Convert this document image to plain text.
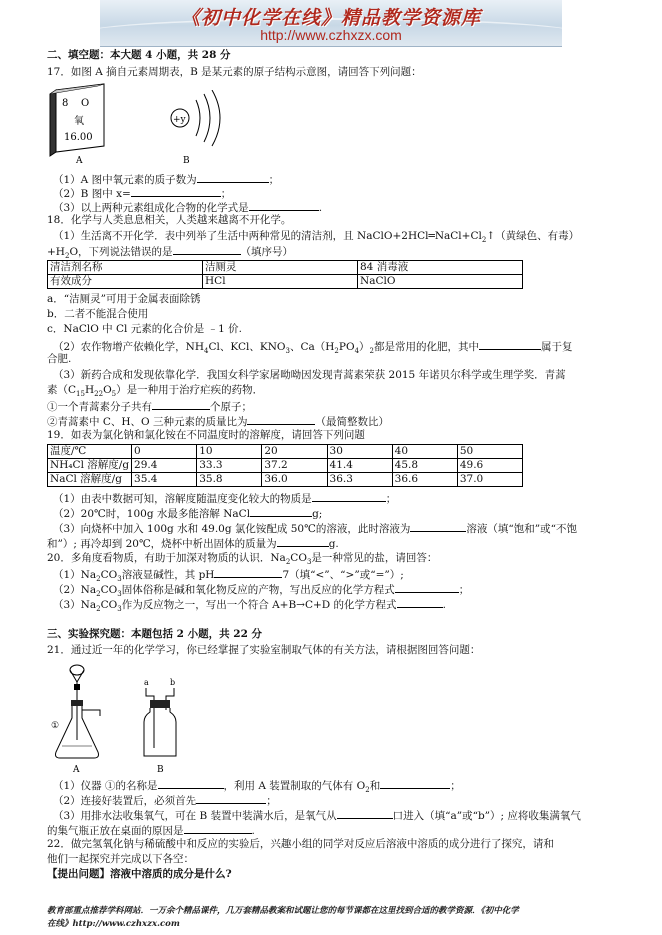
《初中化学在线》精品教学资源库
http://www.czhxzx.com
二、填空题：本大题 4 小题，共 28 分
17．如图 A 摘自元素周期表，B 是某元素的原子结构示意图，请回答下列问题：
8 O
氧
16.00
A
+y
B
（1）A 图中氧元素的质子数为	；
（2）B 图中 x=	；
（3）以上两种元素组成化合物的化学式是	.
18．化学与人类息息相关，人类越来越离不开化学。
（1）生活离不开化学．表中列举了生活中两种常见的清洁剂，且 $NaClO+2HCl═NaCl+Cl_2↑$（黄绿色、有毒）
$+H_2O$，下列说法错误的是	（填序号）
清洁剂名称	洁厕灵	84 消毒液
有效成分	HCl	NaClO
a．“洁厕灵”可用于金属表面除锈
b．二者不能混合使用
c．NaClO 中 Cl 元素的化合价是 ﹣1 价.
（2）农作物增产依赖化学，$NH_4Cl$、KCl、$KNO_3$、$Ca(H_2PO_4)_2$都是常用的化肥，其中	属于复
合肥.
（3）新药合成和发现依靠化学．我国女科学家屠呦呦因发现青蒿素荣获 2015 年诺贝尔科学或生理学奖．青蒿
素$(C_{15}H_{22}O_5)$是一种用于治疗疟疾的药物．
①一个青蒿素分子共有	个原子；
②青蒿素中 C、H、O 三种元素的质量比为	（最简整数比）
19．如表为氯化钠和氯化铵在不同温度时的溶解度，请回答下列问题
温度/℃	0	10	20	30	40	50
NH₄Cl 溶解度/g	29.4	33.3	37.2	41.4	45.8	49.6
NaCl 溶解度/g	35.4	35.8	36.0	36.3	36.6	37.0
（1）由表中数据可知，溶解度随温度变化较大的物质是	；
（2）20℃时，100g 水最多能溶解 NaCl	g;
（3）向烧杯中加入 100g 水和 49.0g 氯化铵配成 50℃的溶液，此时溶液为	溶液（填“饱和”或“不饱
和”）; 再冷却到 20℃，烧杯中析出固体的质量为	g.
20．多角度看物质，有助于加深对物质的认识．$Na_2CO_3$是一种常见的盐，请回答：
$(1)Na_2CO_3$溶液显碱性，其 pH	7（填“<”、“>”或“=”）;
$(2)Na_2CO_3$固体俗称是碱和氧化物反应的产物，写出反应的化学方程式	；
$(3)Na_2CO_3$作为反应物之一，写出一个符合 A+B→C+D 的化学方程式	.
三、实验探究题：本题包括 2 小题，共 22 分
21．通过近一年的化学学习，你已经掌握了实验室制取气体的有关方法，请根据图回答问题：
①
A
a	b
B
（1）仪器 ①的名称是	，利用 A 装置制取的气体有 $O_2$和	；
（2）连接好装置后，必须首先	；
（3）用排水法收集氧气，可在 B 装置中装满水后，是氧气从	口进入（填“a”或“b”）; 应将收集满氧气
的集气瓶正放在桌面的原因是	.
22．做完氢氧化钠与稀硫酸中和反应的实验后，兴趣小组的同学对反应后溶液中溶质的成分进行了探究，请和
他们一起探究并完成以下各空：
【提出问题】溶液中溶质的成分是什么?
教育部重点推荐学科网站．一万余个精品课件，几万套精品教案和试题让您的每节课都在这里找到合适的教学资源．《初中化学
在线》http://www.czhxzx.com
